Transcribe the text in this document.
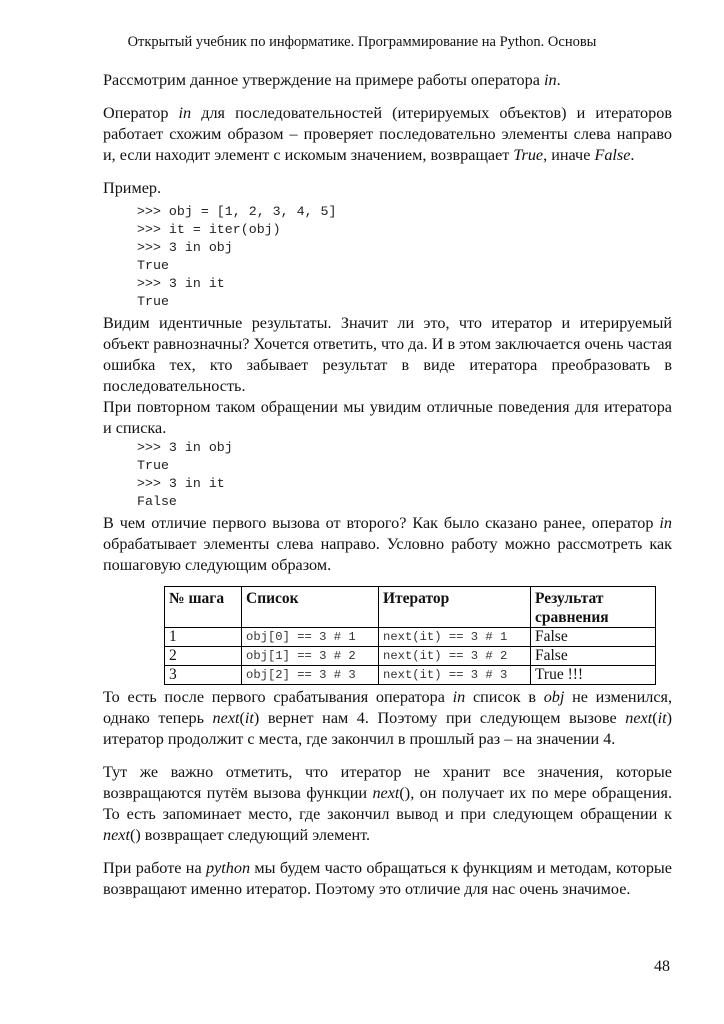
Открытый учебник по информатике. Программирование на Python. Основы

Рассмотрим данное утверждение на примере работы оператора in.

Оператор in для последовательностей (итерируемых объектов) и итераторов работает схожим образом – проверяет последовательно элементы слева направо и, если находит элемент с искомым значением, возвращает True, иначе False.

Пример.

>>> obj = [1, 2, 3, 4, 5]
>>> it = iter(obj)
>>> 3 in obj
True
>>> 3 in it
True

Видим идентичные результаты. Значит ли это, что итератор и итерируемый объект равнозначны? Хочется ответить, что да. И в этом заключается очень частая ошибка тех, кто забывает результат в виде итератора преобразовать в последовательность.

При повторном таком обращении мы увидим отличные поведения для итератора и списка.

>>> 3 in obj
True
>>> 3 in it
False

В чем отличие первого вызова от второго? Как было сказано ранее, оператор in обрабатывает элементы слева направо. Условно работу можно рассмотреть как пошаговую следующим образом.

№ шага	Список	Итератор	Результат сравнения
1	obj[0] == 3 # 1	next(it) == 3 # 1	False
2	obj[1] == 3 # 2	next(it) == 3 # 2	False
3	obj[2] == 3 # 3	next(it) == 3 # 3	True !!!

То есть после первого срабатывания оператора in список в obj не изменился, однако теперь next(it) вернет нам 4. Поэтому при следующем вызове next(it) итератор продолжит с места, где закончил в прошлый раз – на значении 4.

Тут же важно отметить, что итератор не хранит все значения, которые возвращаются путём вызова функции next(), он получает их по мере обращения. То есть запоминает место, где закончил вывод и при следующем обращении к next() возвращает следующий элемент.

При работе на python мы будем часто обращаться к функциям и методам, которые возвращают именно итератор. Поэтому это отличие для нас очень значимое.

48
